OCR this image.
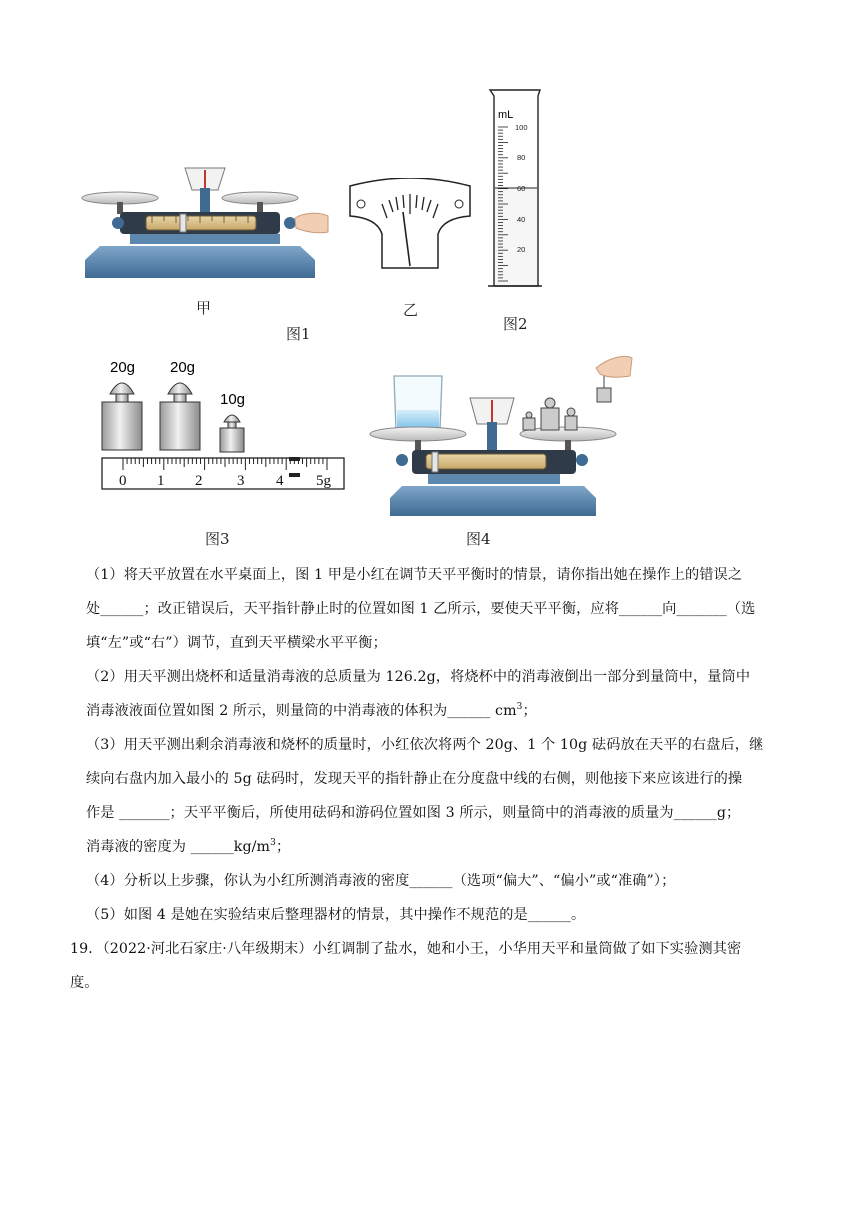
甲	乙
图1
mL
100
80
60
40
20
图2
20g 20g
10g
0 1 2 3 4 5g
图3	图4
（1）将天平放置在水平桌面上，图 1 甲是小红在调节天平平衡时的情景，请你指出她在操作上的错误之
处______；改正错误后，天平指针静止时的位置如图 1 乙所示，要使天平平衡，应将______向_______（选
填“左”或“右”）调节，直到天平横梁水平平衡；
（2）用天平测出烧杯和适量消毒液的总质量为 126.2g，将烧杯中的消毒液倒出一部分到量筒中，量筒中
消毒液液面位置如图 2 所示，则量筒的中消毒液的体积为______ $cm^3$；
（3）用天平测出剩余消毒液和烧杯的质量时，小红依次将两个 20g、1 个 10g 砝码放在天平的右盘后，继
续向右盘内加入最小的 5g 砝码时，发现天平的指针静止在分度盘中线的右侧，则他接下来应该进行的操
作是 _______；天平平衡后，所使用砝码和游码位置如图 3 所示，则量筒中的消毒液的质量为______g；
消毒液的密度为 $\_\_\_\_\_\_kg/m^3$；
（4）分析以上步骤，你认为小红所测消毒液的密度______（选项“偏大”、“偏小”或“准确”）；
（5）如图 4 是她在实验结束后整理器材的情景，其中操作不规范的是______。
19．（2022·河北石家庄·八年级期末）小红调制了盐水，她和小王，小华用天平和量筒做了如下实验测其密
度。
